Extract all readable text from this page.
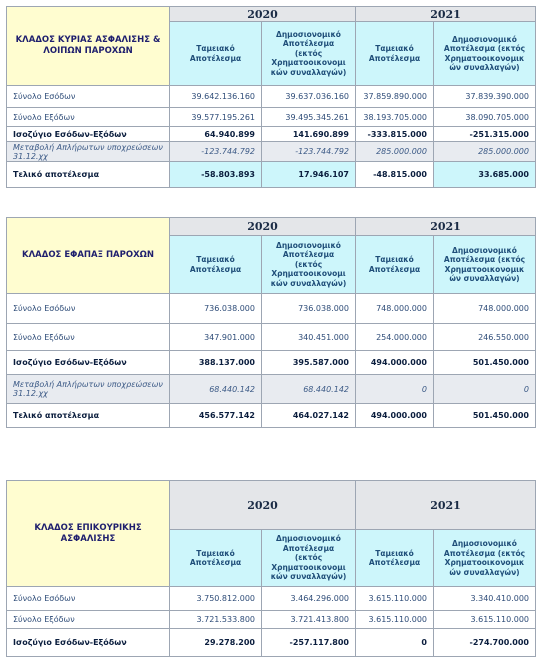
ΚΛΑΔΟΣ ΚΥΡΙΑΣ ΑΣΦΑΛΙΣΗΣ & ΛΟΙΠΩΝ ΠΑΡΟΧΩΝ	2020		2021	
	Ταμειακό Αποτέλεσμα	Δημοσιονομικό Αποτέλεσμα (εκτός Χρηματοοικονομι κών συναλλαγών)	Ταμειακό Αποτέλεσμα	Δημοσιονομικό Αποτέλεσμα (εκτός Χρηματοοικονομικ ών συναλλαγών)
Σύνολο Εσόδων	39.642.136.160	39.637.036.160	37.859.890.000	37.839.390.000
Σύνολο Εξόδων	39.577.195.261	39.495.345.261	38.193.705.000	38.090.705.000
Ισοζύγιο Εσόδων-Εξόδων	64.940.899	141.690.899	-333.815.000	-251.315.000
Μεταβολή Απλήρωτων υποχρεώσεων 31.12.χχ	-123.744.792	-123.744.792	285.000.000	285.000.000
Τελικό αποτέλεσμα	-58.803.893	17.946.107	-48.815.000	33.685.000
ΚΛΑΔΟΣ ΕΦΑΠΑΞ ΠΑΡΟΧΩΝ	2020		2021	
	Ταμειακό Αποτέλεσμα	Δημοσιονομικό Αποτέλεσμα (εκτός Χρηματοοικονομι κών συναλλαγών)	Ταμειακό Αποτέλεσμα	Δημοσιονομικό Αποτέλεσμα (εκτός Χρηματοοικονομικ ών συναλλαγών)
Σύνολο Εσόδων	736.038.000	736.038.000	748.000.000	748.000.000
Σύνολο Εξόδων	347.901.000	340.451.000	254.000.000	246.550.000
Ισοζύγιο Εσόδων-Εξόδων	388.137.000	395.587.000	494.000.000	501.450.000
Μεταβολή Απλήρωτων υποχρεώσεων 31.12.χχ	68.440.142	68.440.142	0	0
Τελικό αποτέλεσμα	456.577.142	464.027.142	494.000.000	501.450.000
ΚΛΑΔΟΣ ΕΠΙΚΟΥΡΙΚΗΣ ΑΣΦΑΛΙΣΗΣ	2020		2021	
	Ταμειακό Αποτέλεσμα	Δημοσιονομικό Αποτέλεσμα (εκτός Χρηματοοικονομι κών συναλλαγών)	Ταμειακό Αποτέλεσμα	Δημοσιονομικό Αποτέλεσμα (εκτός Χρηματοοικονομικ ών συναλλαγών)
Σύνολο Εσόδων	3.750.812.000	3.464.296.000	3.615.110.000	3.340.410.000
Σύνολο Εξόδων	3.721.533.800	3.721.413.800	3.615.110.000	3.615.110.000
Ισοζύγιο Εσόδων-Εξόδων	29.278.200	-257.117.800	0	-274.700.000
